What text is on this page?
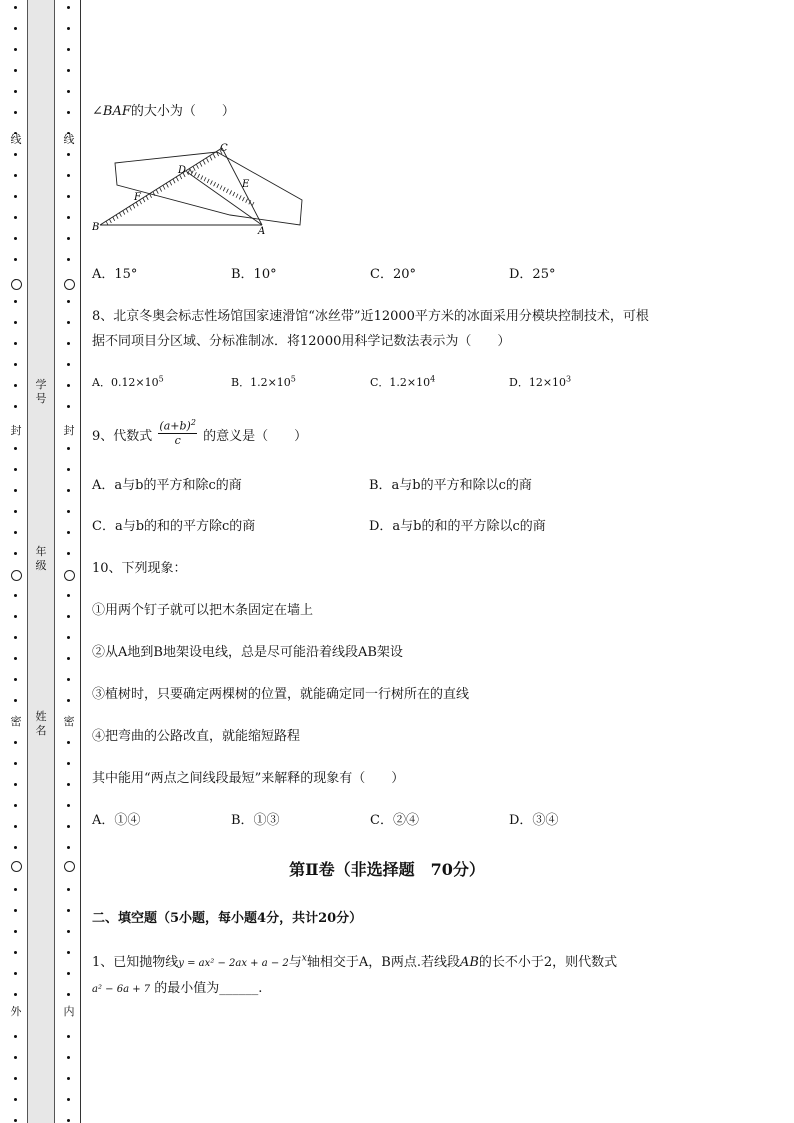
线
封
密
外
线
封
密
内
学号
年级
姓名
∠BAF的大小为（　　）
C
D
E
F
B	A
A．15°	B．10°	C．20°	D．25°
8、北京冬奥会标志性场馆国家速滑馆“冰丝带”近12000平方米的冰面采用分模块控制技术，可根
据不同项目分区域、分标准制冰．将12000用科学记数法表示为（　　）
A．$0.12\times 10^5$	B．$1.2\times 10^5$	C．$1.2\times 10^4$	D．$12\times 10^3$
9、代数式 $\frac{(a+b)^2}{c}$ 的意义是（　　）
A．a与b的平方和除c的商	B．a与b的平方和除以c的商
C．a与b的和的平方除c的商	D．a与b的和的平方除以c的商
10、下列现象：
①用两个钉子就可以把木条固定在墙上
②从A地到B地架设电线，总是尽可能沿着线段AB架设
③植树时，只要确定两棵树的位置，就能确定同一行树所在的直线
④把弯曲的公路改直，就能缩短路程
其中能用“两点之间线段最短”来解释的现象有（　　）
A．①④	B．①③	C．②④	D．③④
第Ⅱ卷（非选择题　70分）
二、填空题（5小题，每小题4分，共计20分）
1、已知抛物线y = ax² − 2ax + a − 2与$^x$轴相交于A，B两点.若线段AB的长不小于2，则代数式
a² − 6a + 7 的最小值为______.
